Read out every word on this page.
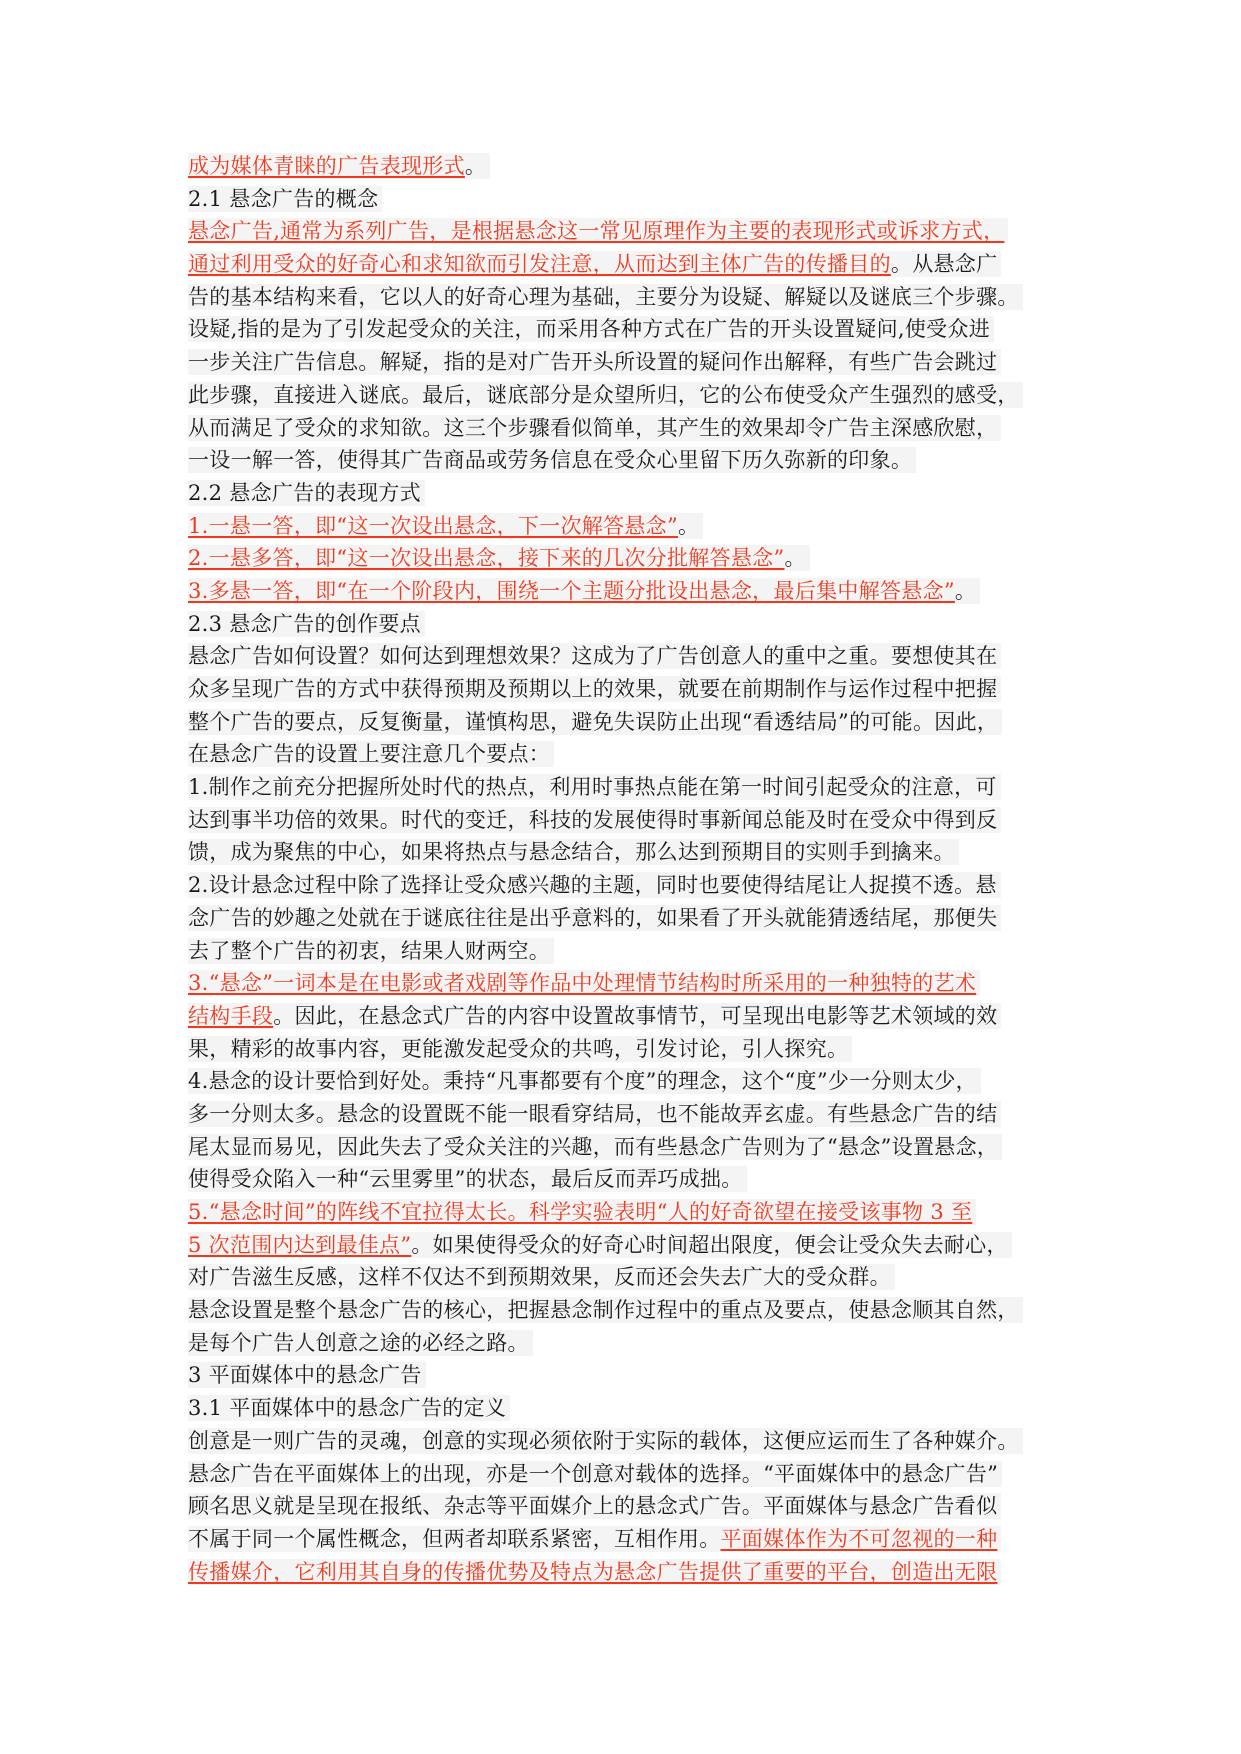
成为媒体青睐的广告表现形式。
2.1 悬念广告的概念
悬念广告,通常为系列广告，是根据悬念这一常见原理作为主要的表现形式或诉求方式，
通过利用受众的好奇心和求知欲而引发注意，从而达到主体广告的传播目的。从悬念广
告的基本结构来看，它以人的好奇心理为基础，主要分为设疑、解疑以及谜底三个步骤。
设疑,指的是为了引发起受众的关注，而采用各种方式在广告的开头设置疑问,使受众进
一步关注广告信息。解疑，指的是对广告开头所设置的疑问作出解释，有些广告会跳过
此步骤，直接进入谜底。最后，谜底部分是众望所归，它的公布使受众产生强烈的感受，
从而满足了受众的求知欲。这三个步骤看似简单，其产生的效果却令广告主深感欣慰，
一设一解一答，使得其广告商品或劳务信息在受众心里留下历久弥新的印象。
2.2 悬念广告的表现方式
1.一悬一答，即“这一次设出悬念，下一次解答悬念”。
2.一悬多答，即“这一次设出悬念，接下来的几次分批解答悬念”。
3.多悬一答，即“在一个阶段内，围绕一个主题分批设出悬念，最后集中解答悬念”。
2.3 悬念广告的创作要点
悬念广告如何设置？如何达到理想效果？这成为了广告创意人的重中之重。要想使其在
众多呈现广告的方式中获得预期及预期以上的效果，就要在前期制作与运作过程中把握
整个广告的要点，反复衡量，谨慎构思，避免失误防止出现“看透结局”的可能。因此，
在悬念广告的设置上要注意几个要点：
1.制作之前充分把握所处时代的热点，利用时事热点能在第一时间引起受众的注意，可
达到事半功倍的效果。时代的变迁，科技的发展使得时事新闻总能及时在受众中得到反
馈，成为聚焦的中心，如果将热点与悬念结合，那么达到预期目的实则手到擒来。
2.设计悬念过程中除了选择让受众感兴趣的主题，同时也要使得结尾让人捉摸不透。悬
念广告的妙趣之处就在于谜底往往是出乎意料的，如果看了开头就能猜透结尾，那便失
去了整个广告的初衷，结果人财两空。
3.“悬念”一词本是在电影或者戏剧等作品中处理情节结构时所采用的一种独特的艺术
结构手段。因此，在悬念式广告的内容中设置故事情节，可呈现出电影等艺术领域的效
果，精彩的故事内容，更能激发起受众的共鸣，引发讨论，引人探究。
4.悬念的设计要恰到好处。秉持“凡事都要有个度”的理念，这个“度”少一分则太少，
多一分则太多。悬念的设置既不能一眼看穿结局，也不能故弄玄虚。有些悬念广告的结
尾太显而易见，因此失去了受众关注的兴趣，而有些悬念广告则为了“悬念”设置悬念，
使得受众陷入一种“云里雾里”的状态，最后反而弄巧成拙。
5.“悬念时间”的阵线不宜拉得太长。科学实验表明“人的好奇欲望在接受该事物 3 至
5 次范围内达到最佳点”。如果使得受众的好奇心时间超出限度，便会让受众失去耐心，
对广告滋生反感，这样不仅达不到预期效果，反而还会失去广大的受众群。
悬念设置是整个悬念广告的核心，把握悬念制作过程中的重点及要点，使悬念顺其自然，
是每个广告人创意之途的必经之路。
3 平面媒体中的悬念广告
3.1 平面媒体中的悬念广告的定义
创意是一则广告的灵魂，创意的实现必须依附于实际的载体，这便应运而生了各种媒介。
悬念广告在平面媒体上的出现，亦是一个创意对载体的选择。“平面媒体中的悬念广告”
顾名思义就是呈现在报纸、杂志等平面媒介上的悬念式广告。平面媒体与悬念广告看似
不属于同一个属性概念，但两者却联系紧密，互相作用。平面媒体作为不可忽视的一种
传播媒介，它利用其自身的传播优势及特点为悬念广告提供了重要的平台，创造出无限
